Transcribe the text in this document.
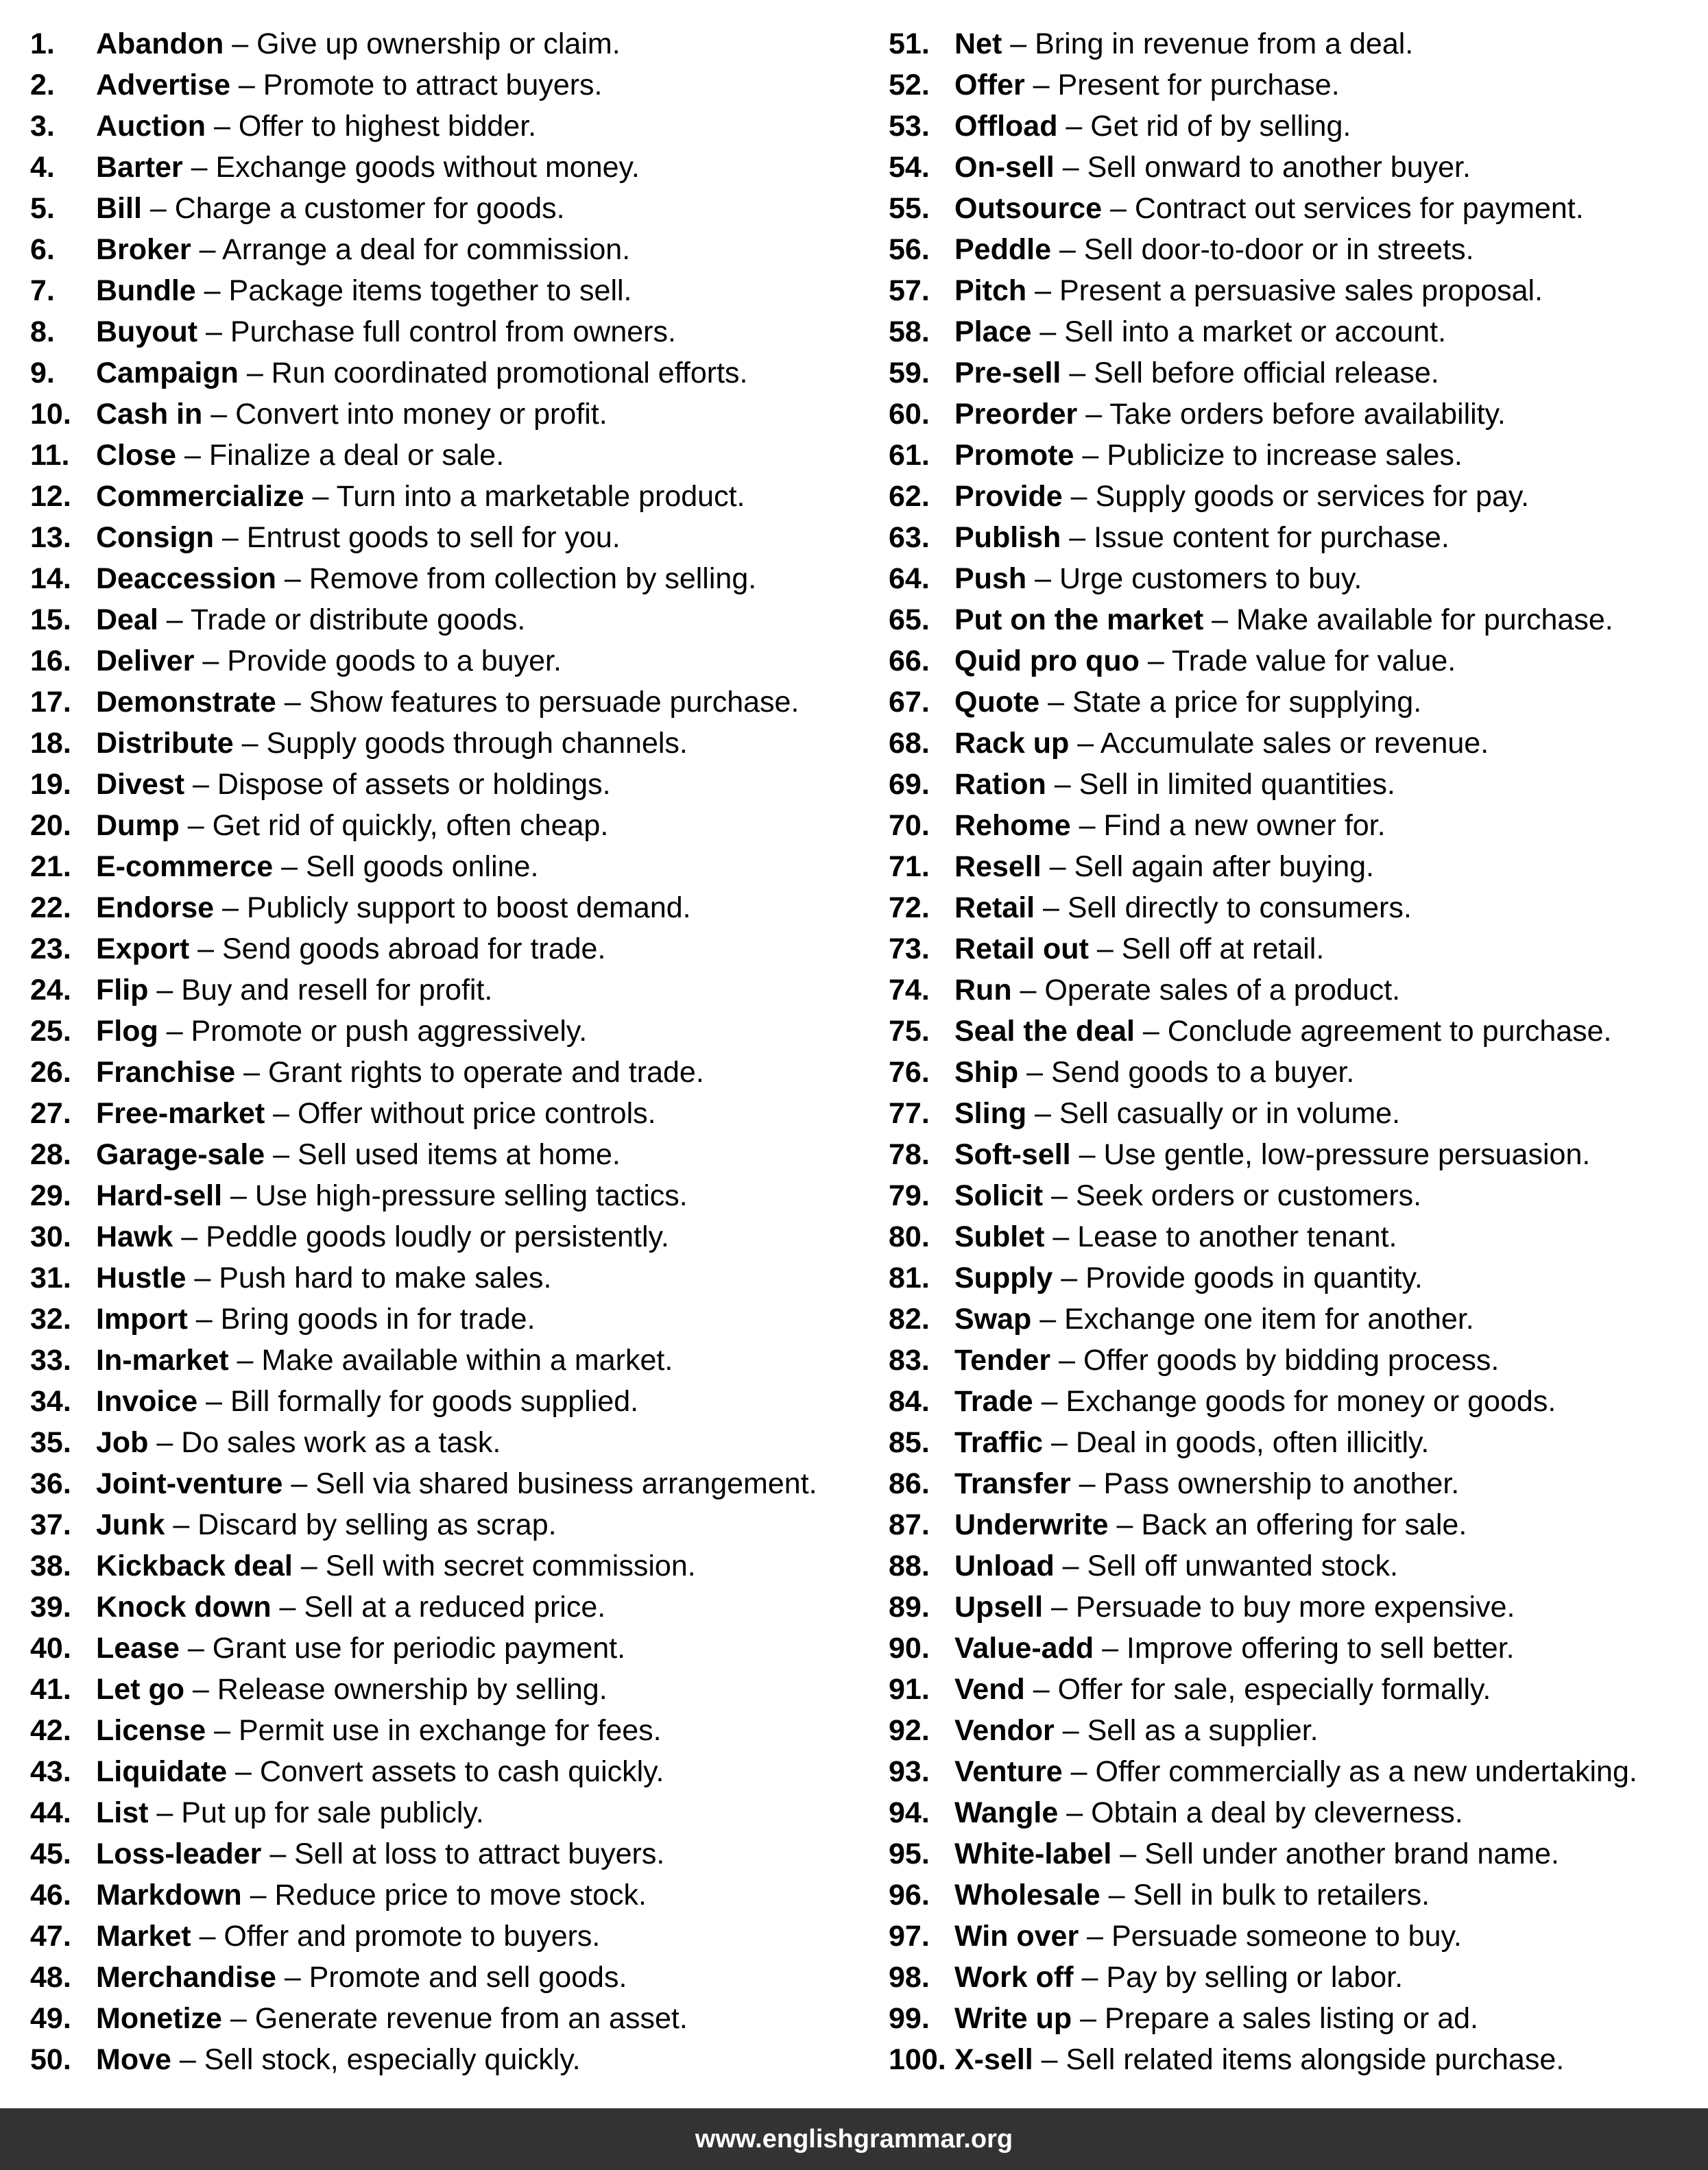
1. Abandon – Give up ownership or claim.
2. Advertise – Promote to attract buyers.
3. Auction – Offer to highest bidder.
4. Barter – Exchange goods without money.
5. Bill – Charge a customer for goods.
6. Broker – Arrange a deal for commission.
7. Bundle – Package items together to sell.
8. Buyout – Purchase full control from owners.
9. Campaign – Run coordinated promotional efforts.
10. Cash in – Convert into money or profit.
11. Close – Finalize a deal or sale.
12. Commercialize – Turn into a marketable product.
13. Consign – Entrust goods to sell for you.
14. Deaccession – Remove from collection by selling.
15. Deal – Trade or distribute goods.
16. Deliver – Provide goods to a buyer.
17. Demonstrate – Show features to persuade purchase.
18. Distribute – Supply goods through channels.
19. Divest – Dispose of assets or holdings.
20. Dump – Get rid of quickly, often cheap.
21. E-commerce – Sell goods online.
22. Endorse – Publicly support to boost demand.
23. Export – Send goods abroad for trade.
24. Flip – Buy and resell for profit.
25. Flog – Promote or push aggressively.
26. Franchise – Grant rights to operate and trade.
27. Free-market – Offer without price controls.
28. Garage-sale – Sell used items at home.
29. Hard-sell – Use high-pressure selling tactics.
30. Hawk – Peddle goods loudly or persistently.
31. Hustle – Push hard to make sales.
32. Import – Bring goods in for trade.
33. In-market – Make available within a market.
34. Invoice – Bill formally for goods supplied.
35. Job – Do sales work as a task.
36. Joint-venture – Sell via shared business arrangement.
37. Junk – Discard by selling as scrap.
38. Kickback deal – Sell with secret commission.
39. Knock down – Sell at a reduced price.
40. Lease – Grant use for periodic payment.
41. Let go – Release ownership by selling.
42. License – Permit use in exchange for fees.
43. Liquidate – Convert assets to cash quickly.
44. List – Put up for sale publicly.
45. Loss-leader – Sell at loss to attract buyers.
46. Markdown – Reduce price to move stock.
47. Market – Offer and promote to buyers.
48. Merchandise – Promote and sell goods.
49. Monetize – Generate revenue from an asset.
50. Move – Sell stock, especially quickly.
51. Net – Bring in revenue from a deal.
52. Offer – Present for purchase.
53. Offload – Get rid of by selling.
54. On-sell – Sell onward to another buyer.
55. Outsource – Contract out services for payment.
56. Peddle – Sell door-to-door or in streets.
57. Pitch – Present a persuasive sales proposal.
58. Place – Sell into a market or account.
59. Pre-sell – Sell before official release.
60. Preorder – Take orders before availability.
61. Promote – Publicize to increase sales.
62. Provide – Supply goods or services for pay.
63. Publish – Issue content for purchase.
64. Push – Urge customers to buy.
65. Put on the market – Make available for purchase.
66. Quid pro quo – Trade value for value.
67. Quote – State a price for supplying.
68. Rack up – Accumulate sales or revenue.
69. Ration – Sell in limited quantities.
70. Rehome – Find a new owner for.
71. Resell – Sell again after buying.
72. Retail – Sell directly to consumers.
73. Retail out – Sell off at retail.
74. Run – Operate sales of a product.
75. Seal the deal – Conclude agreement to purchase.
76. Ship – Send goods to a buyer.
77. Sling – Sell casually or in volume.
78. Soft-sell – Use gentle, low-pressure persuasion.
79. Solicit – Seek orders or customers.
80. Sublet – Lease to another tenant.
81. Supply – Provide goods in quantity.
82. Swap – Exchange one item for another.
83. Tender – Offer goods by bidding process.
84. Trade – Exchange goods for money or goods.
85. Traffic – Deal in goods, often illicitly.
86. Transfer – Pass ownership to another.
87. Underwrite – Back an offering for sale.
88. Unload – Sell off unwanted stock.
89. Upsell – Persuade to buy more expensive.
90. Value-add – Improve offering to sell better.
91. Vend – Offer for sale, especially formally.
92. Vendor – Sell as a supplier.
93. Venture – Offer commercially as a new undertaking.
94. Wangle – Obtain a deal by cleverness.
95. White-label – Sell under another brand name.
96. Wholesale – Sell in bulk to retailers.
97. Win over – Persuade someone to buy.
98. Work off – Pay by selling or labor.
99. Write up – Prepare a sales listing or ad.
100. X-sell – Sell related items alongside purchase.
www.englishgrammar.org
